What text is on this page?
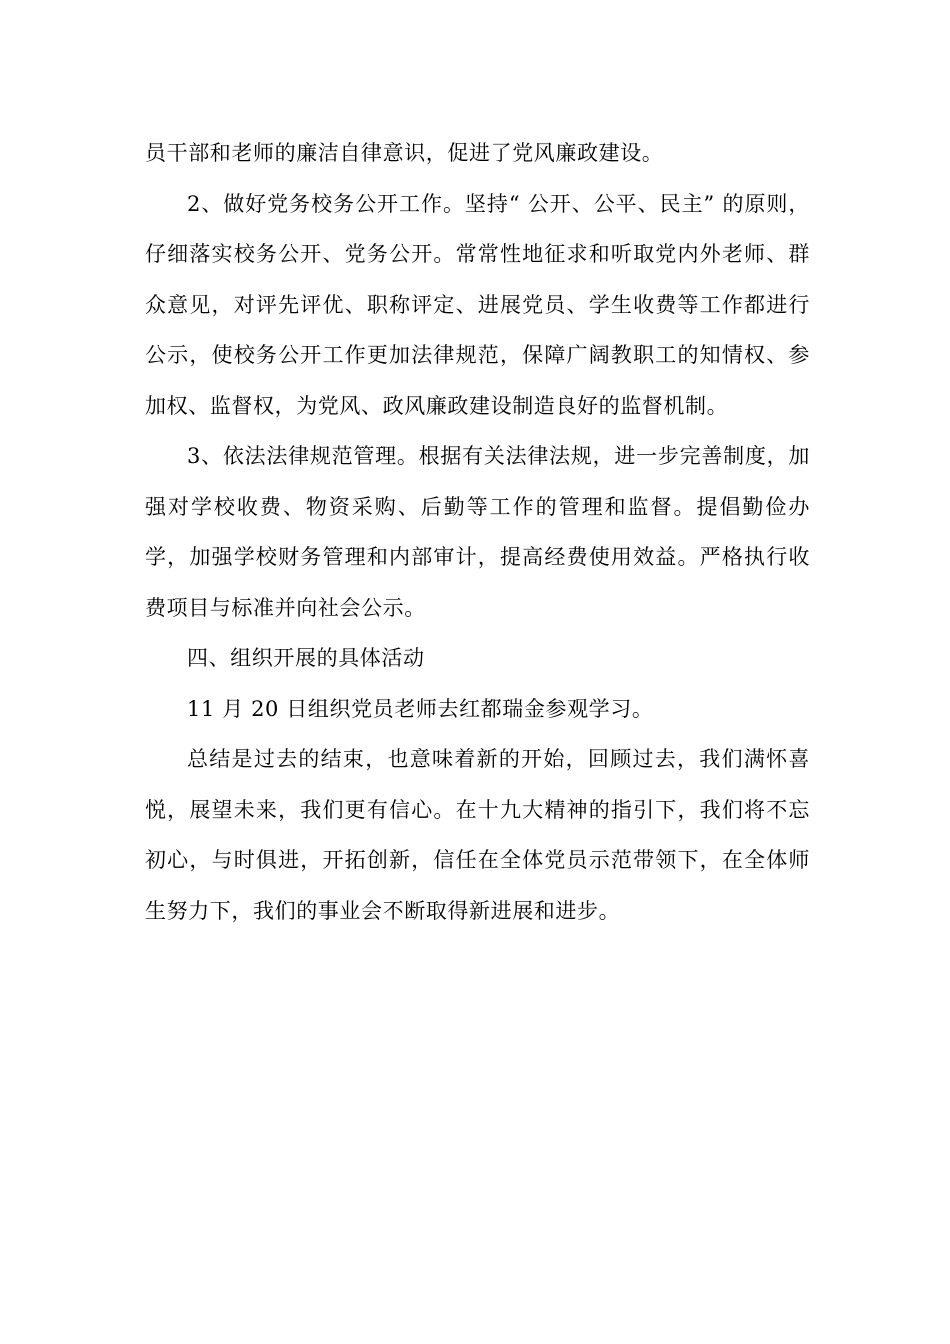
员干部和老师的廉洁自律意识，促进了党风廉政建设。

2、做好党务校务公开工作。坚持“ 公开、公平、民主” 的原则，仔细落实校务公开、党务公开。常常性地征求和听取党内外老师、群众意见，对评先评优、职称评定、进展党员、学生收费等工作都进行公示，使校务公开工作更加法律规范，保障广阔教职工的知情权、参加权、监督权，为党风、政风廉政建设制造良好的监督机制。

3、依法法律规范管理。根据有关法律法规，进一步完善制度，加强对学校收费、物资采购、后勤等工作的管理和监督。提倡勤俭办学，加强学校财务管理和内部审计，提高经费使用效益。严格执行收费项目与标准并向社会公示。

四、组织开展的具体活动

11 月 20 日组织党员老师去红都瑞金参观学习。

总结是过去的结束，也意味着新的开始，回顾过去，我们满怀喜悦，展望未来，我们更有信心。在十九大精神的指引下，我们将不忘初心，与时俱进，开拓创新，信任在全体党员示范带领下，在全体师生努力下，我们的事业会不断取得新进展和进步。
